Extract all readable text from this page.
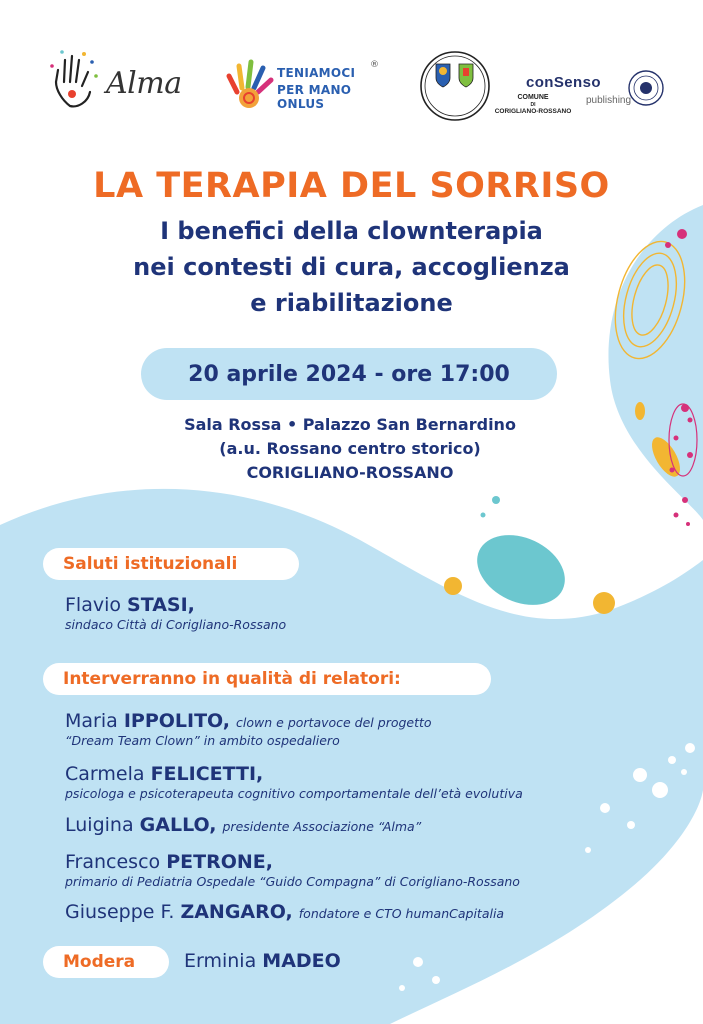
Alma	TENIAMOCI
PER MANO ONLUS
®
COMUNE
DI
CORIGLIANO-ROSSANO
conSenso
publishing
LA TERAPIA DEL SORRISO
I benefici della clownterapia
nei contesti di cura, accoglienza
e riabilitazione
20 aprile 2024 - ore 17:00
Sala Rossa • Palazzo San Bernardino
(a.u. Rossano centro storico)
CORIGLIANO-ROSSANO
Saluti istituzionali
Flavio STASI,
sindaco Città di Corigliano-Rossano
Interverranno in qualità di relatori:
Maria IPPOLITO, clown e portavoce del progetto
“Dream Team Clown” in ambito ospedaliero
Carmela FELICETTI,
psicologa e psicoterapeuta cognitivo comportamentale dell’età evolutiva
Luigina GALLO, presidente Associazione “Alma”
Francesco PETRONE,
primario di Pediatria Ospedale “Guido Compagna” di Corigliano-Rossano
Giuseppe F. ZANGARO, fondatore e CTO humanCapitalia
Modera	Erminia MADEO
